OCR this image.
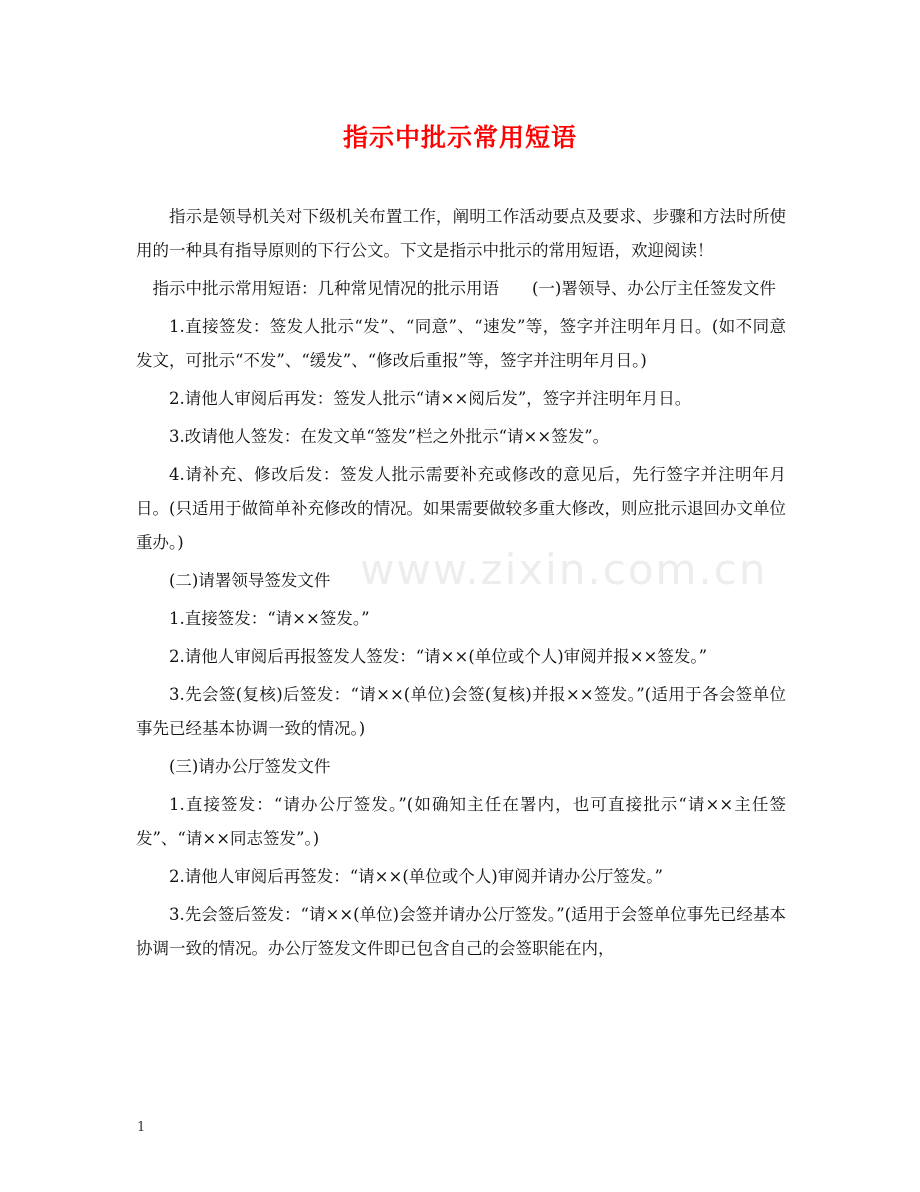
指示中批示常用短语
www.zixin.com.cn

指示是领导机关对下级机关布置工作，阐明工作活动要点及要求、步骤和方法时所使用的一种具有指导原则的下行公文。下文是指示中批示的常用短语，欢迎阅读！

指示中批示常用短语：几种常见情况的批示用语　　(一)署领导、办公厅主任签发文件

1.直接签发：签发人批示“发”、“同意”、“速发”等，签字并注明年月日。(如不同意发文，可批示“不发”、“缓发”、“修改后重报”等，签字并注明年月日。)

2.请他人审阅后再发：签发人批示“请××阅后发”，签字并注明年月日。

3.改请他人签发：在发文单“签发”栏之外批示“请××签发”。

4.请补充、修改后发：签发人批示需要补充或修改的意见后，先行签字并注明年月日。(只适用于做简单补充修改的情况。如果需要做较多重大修改，则应批示退回办文单位重办。)

(二)请署领导签发文件

1.直接签发：“请××签发。”

2.请他人审阅后再报签发人签发：“请××(单位或个人)审阅并报××签发。”

3.先会签(复核)后签发：“请××(单位)会签(复核)并报××签发。”(适用于各会签单位事先已经基本协调一致的情况。)

(三)请办公厅签发文件

1.直接签发：“请办公厅签发。”(如确知主任在署内，也可直接批示“请××主任签发”、“请××同志签发”。)

2.请他人审阅后再签发：“请××(单位或个人)审阅并请办公厅签发。”

3.先会签后签发：“请××(单位)会签并请办公厅签发。”(适用于会签单位事先已经基本协调一致的情况。办公厅签发文件即已包含自己的会签职能在内，

1
